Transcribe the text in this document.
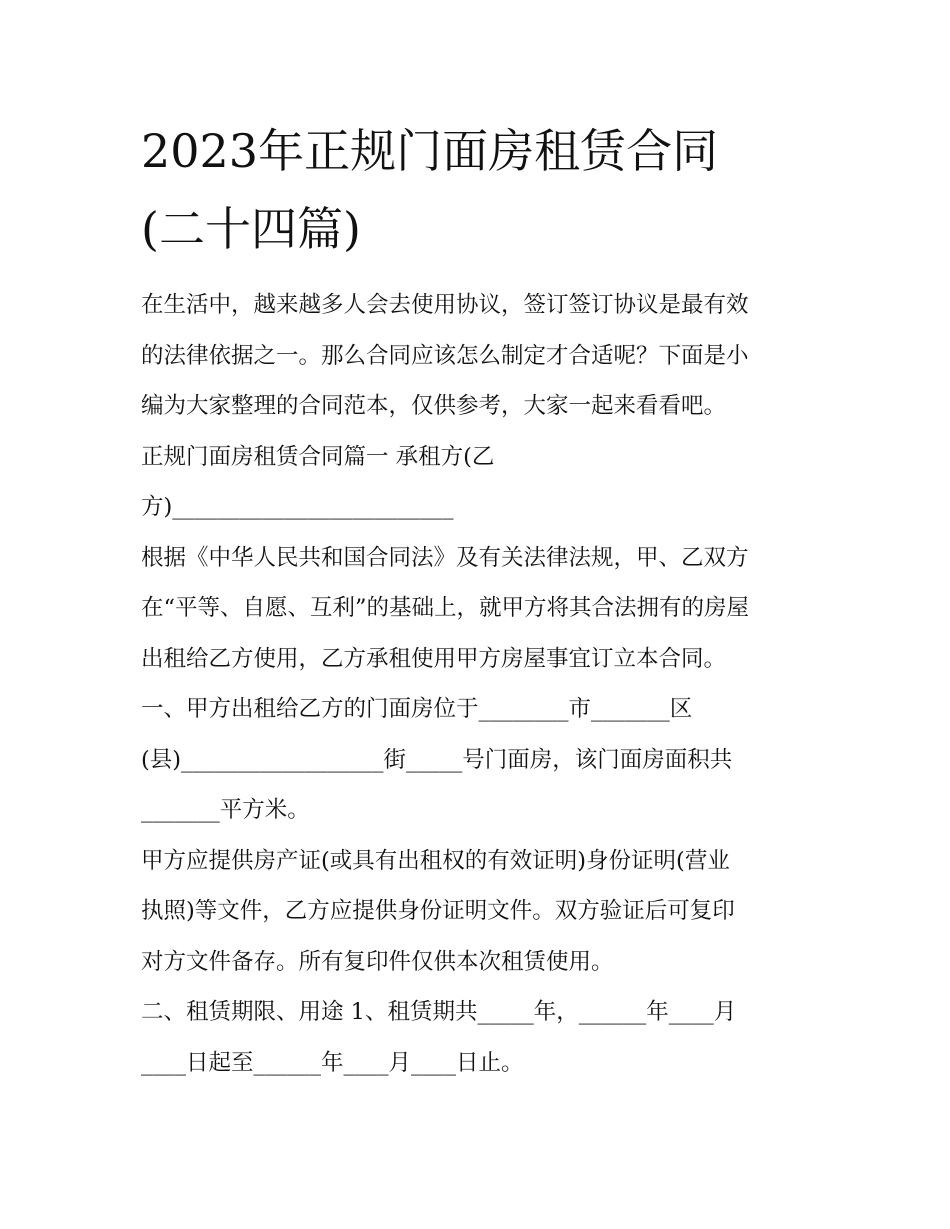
2023年正规门面房租赁合同
(二十四篇)
在生活中，越来越多人会去使用协议，签订签订协议是最有效
的法律依据之一。那么合同应该怎么制定才合适呢？下面是小
编为大家整理的合同范本，仅供参考，大家一起来看看吧。
正规门面房租赁合同篇一 承租方(乙
方)_________________________
根据《中华人民共和国合同法》及有关法律法规，甲、乙双方
在“平等、自愿、互利”的基础上，就甲方将其合法拥有的房屋
出租给乙方使用，乙方承租使用甲方房屋事宜订立本合同。
一、甲方出租给乙方的门面房位于________市_______区
(县)__________________街_____号门面房，该门面房面积共
_______平方米。
甲方应提供房产证(或具有出租权的有效证明)身份证明(营业
执照)等文件，乙方应提供身份证明文件。双方验证后可复印
对方文件备存。所有复印件仅供本次租赁使用。
二、租赁期限、用途 1、租赁期共_____年，______年____月
____日起至______年____月____日止。
